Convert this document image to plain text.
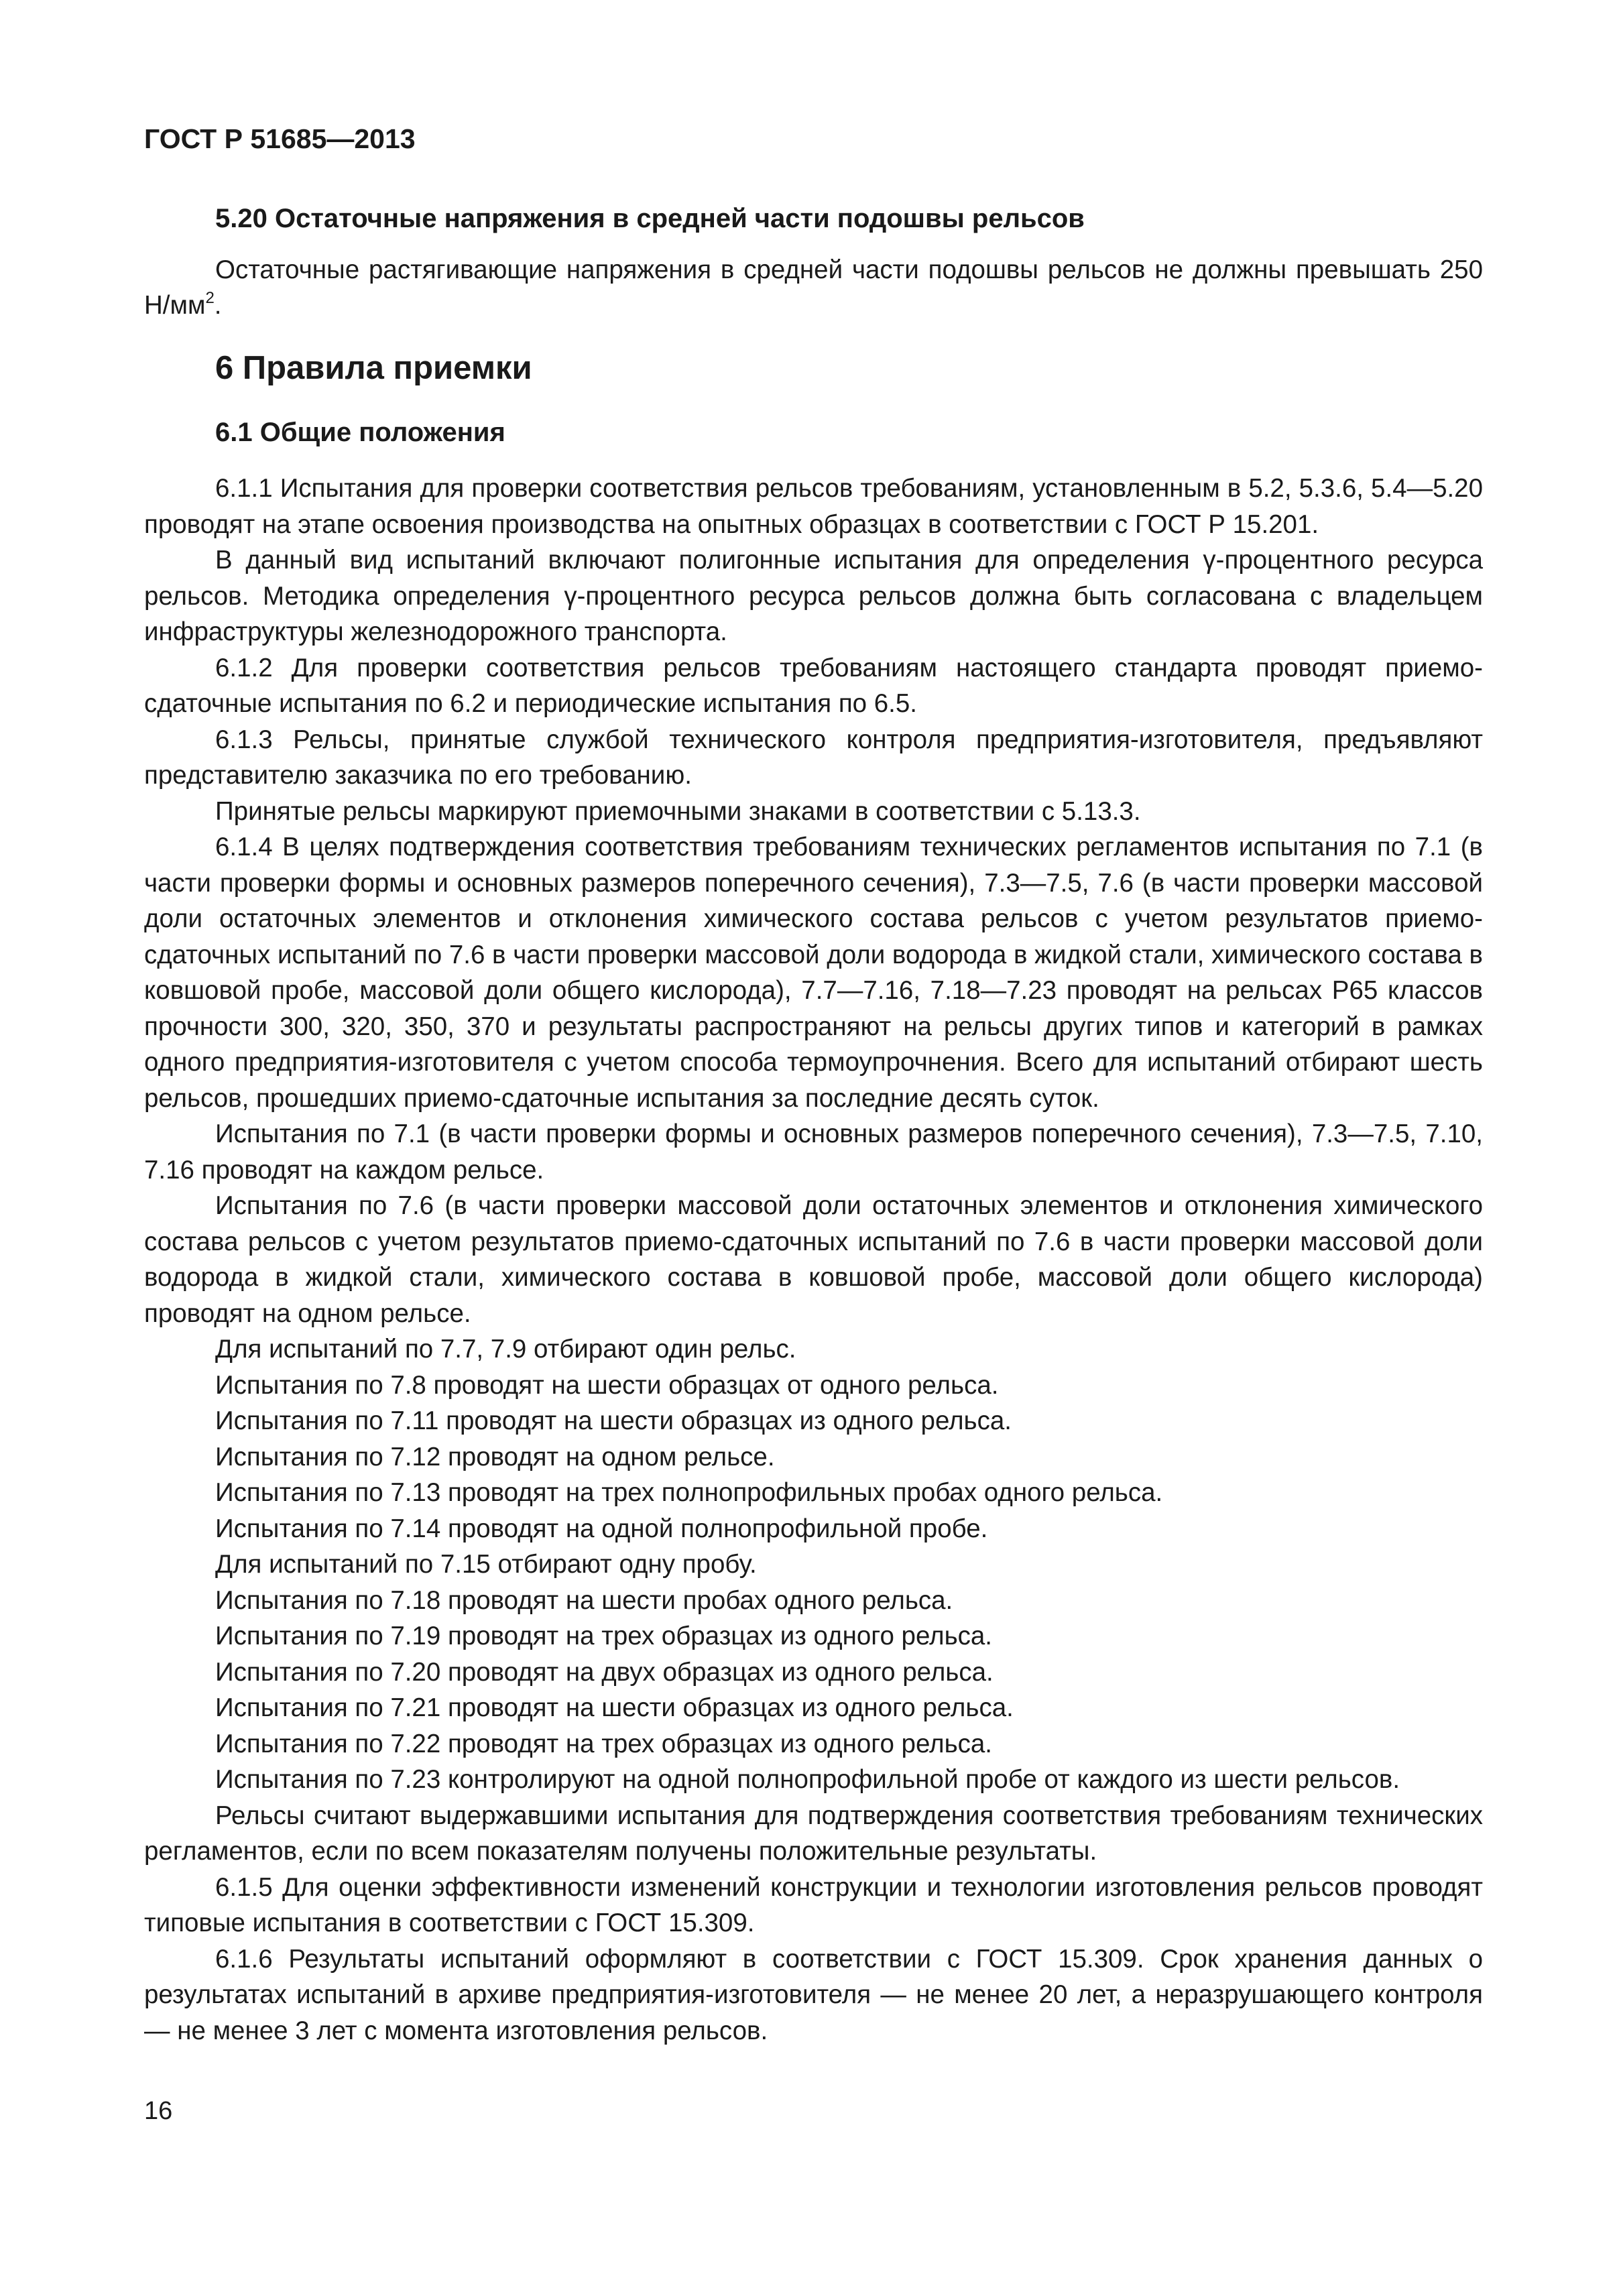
ГОСТ Р 51685—2013
5.20 Остаточные напряжения в средней части подошвы рельсов

Остаточные растягивающие напряжения в средней части подошвы рельсов не должны превышать 250 $Н/мм^2$.

6 Правила приемки
6.1 Общие положения

6.1.1 Испытания для проверки соответствия рельсов требованиям, установленным в 5.2, 5.3.6, 5.4—5.20 проводят на этапе освоения производства на опытных образцах в соответствии с ГОСТ Р 15.201.

В данный вид испытаний включают полигонные испытания для определения γ-процентного ресурса рельсов. Методика определения γ-процентного ресурса рельсов должна быть согласована с владельцем инфраструктуры железнодорожного транспорта.

6.1.2 Для проверки соответствия рельсов требованиям настоящего стандарта проводят приемо-сдаточные испытания по 6.2 и периодические испытания по 6.5.

6.1.3 Рельсы, принятые службой технического контроля предприятия-изготовителя, предъявляют представителю заказчика по его требованию.

Принятые рельсы маркируют приемочными знаками в соответствии с 5.13.3.

6.1.4 В целях подтверждения соответствия требованиям технических регламентов испытания по 7.1 (в части проверки формы и основных размеров поперечного сечения), 7.3—7.5, 7.6 (в части проверки массовой доли остаточных элементов и отклонения химического состава рельсов с учетом результатов приемо-сдаточных испытаний по 7.6 в части проверки массовой доли водорода в жидкой стали, химического состава в ковшовой пробе, массовой доли общего кислорода), 7.7—7.16, 7.18—7.23 проводят на рельсах Р65 классов прочности 300, 320, 350, 370 и результаты распространяют на рельсы других типов и категорий в рамках одного предприятия-изготовителя с учетом способа термоупрочнения. Всего для испытаний отбирают шесть рельсов, прошедших приемо-сдаточные испытания за последние десять суток.

Испытания по 7.1 (в части проверки формы и основных размеров поперечного сечения), 7.3—7.5, 7.10, 7.16 проводят на каждом рельсе.

Испытания по 7.6 (в части проверки массовой доли остаточных элементов и отклонения химического состава рельсов с учетом результатов приемо-сдаточных испытаний по 7.6 в части проверки массовой доли водорода в жидкой стали, химического состава в ковшовой пробе, массовой доли общего кислорода) проводят на одном рельсе.

Для испытаний по 7.7, 7.9 отбирают один рельс.

Испытания по 7.8 проводят на шести образцах от одного рельса.

Испытания по 7.11 проводят на шести образцах из одного рельса.

Испытания по 7.12 проводят на одном рельсе.

Испытания по 7.13 проводят на трех полнопрофильных пробах одного рельса.

Испытания по 7.14 проводят на одной полнопрофильной пробе.

Для испытаний по 7.15 отбирают одну пробу.

Испытания по 7.18 проводят на шести пробах одного рельса.

Испытания по 7.19 проводят на трех образцах из одного рельса.

Испытания по 7.20 проводят на двух образцах из одного рельса.

Испытания по 7.21 проводят на шести образцах из одного рельса.

Испытания по 7.22 проводят на трех образцах из одного рельса.

Испытания по 7.23 контролируют на одной полнопрофильной пробе от каждого из шести рельсов.

Рельсы считают выдержавшими испытания для подтверждения соответствия требованиям технических регламентов, если по всем показателям получены положительные результаты.

6.1.5 Для оценки эффективности изменений конструкции и технологии изготовления рельсов проводят типовые испытания в соответствии с ГОСТ 15.309.

6.1.6 Результаты испытаний оформляют в соответствии с ГОСТ 15.309. Срок хранения данных о результатах испытаний в архиве предприятия-изготовителя — не менее 20 лет, а неразрушающего контроля — не менее 3 лет с момента изготовления рельсов.

16
